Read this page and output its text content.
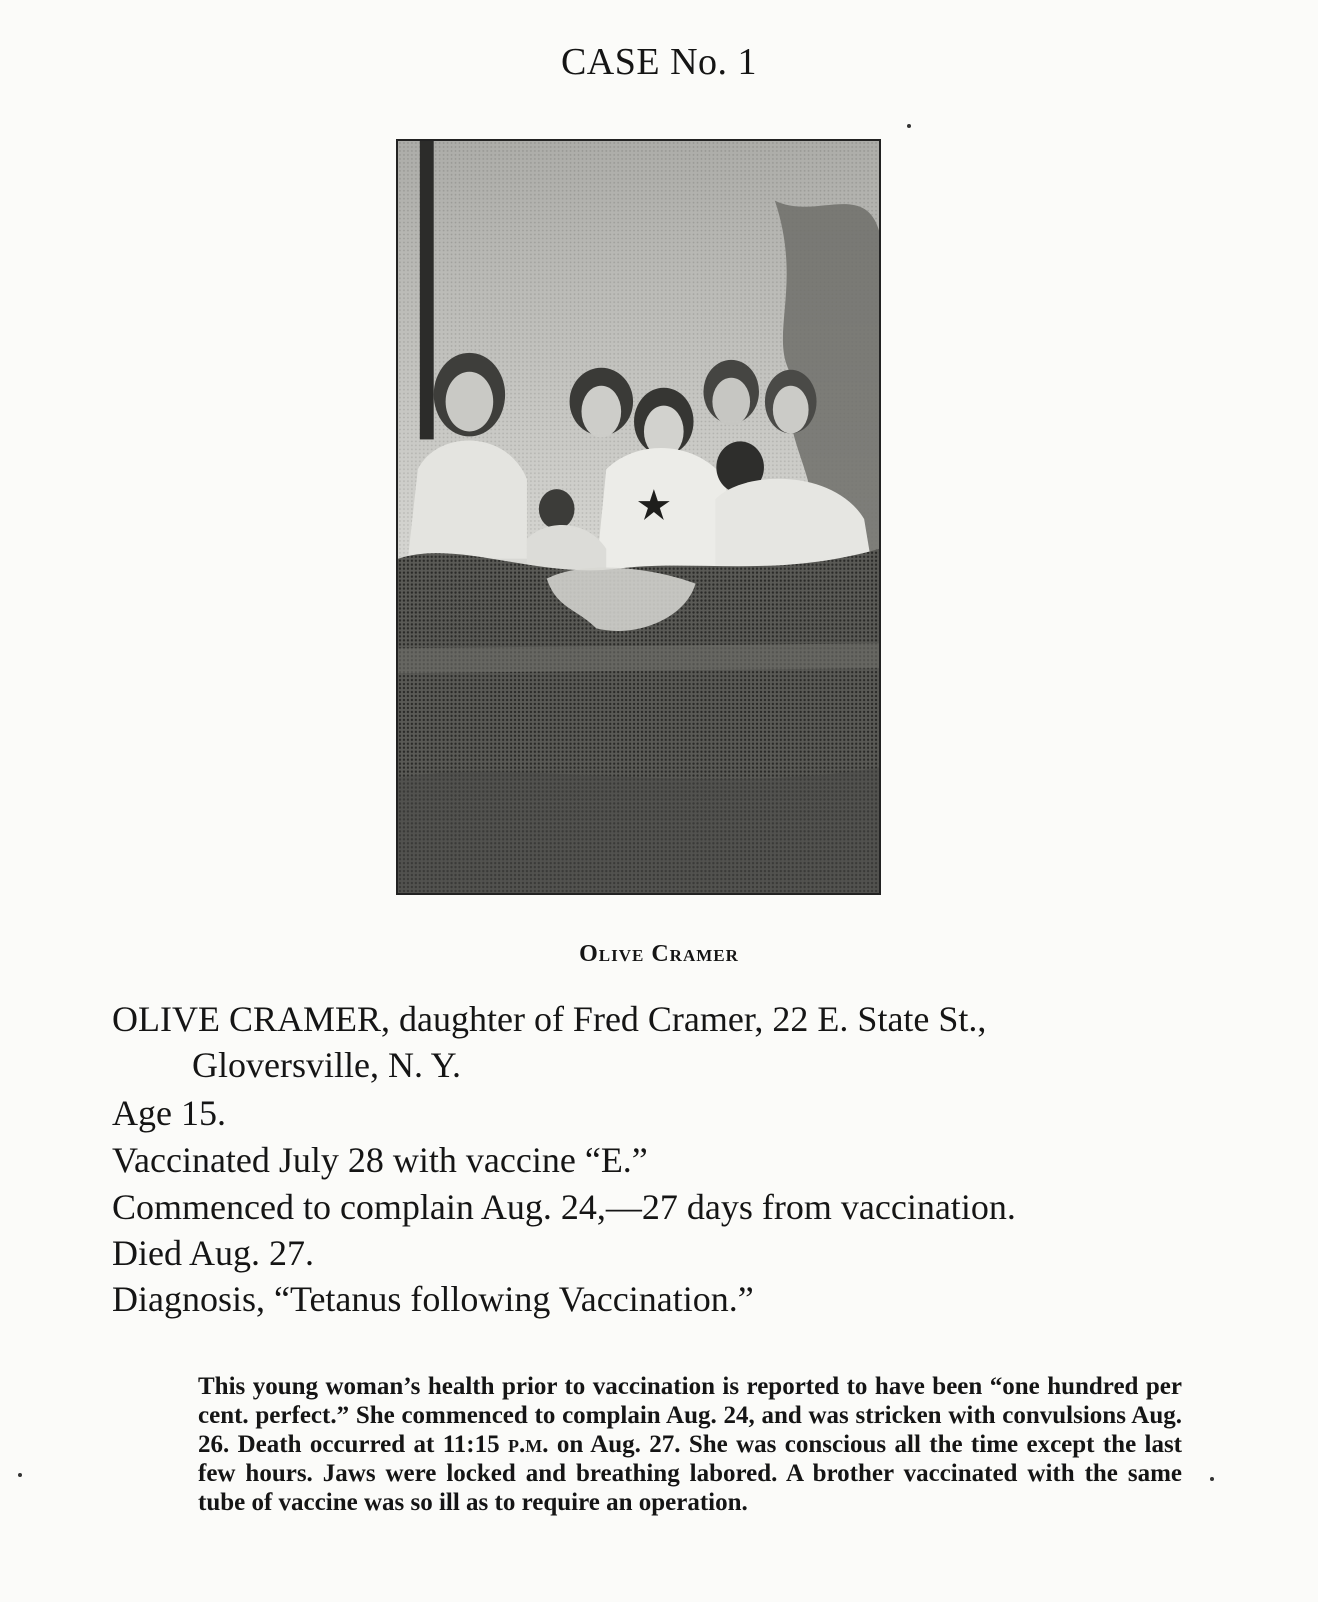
CASE No. 1
Olive Cramer
OLIVE CRAMER, daughter of Fred Cramer, 22 E. State St.,
Gloversville, N. Y.
Age 15.
Vaccinated July 28 with vaccine “E.”
Commenced to complain Aug. 24,—27 days from vaccination.
Died Aug. 27.
Diagnosis, “Tetanus following Vaccination.”
This young woman’s health prior to vaccination is reported to have been “one hundred per cent. perfect.” She commenced to complain Aug. 24, and was stricken with convulsions Aug. 26. Death occurred at 11:15 p.m. on Aug. 27. She was conscious all the time except the last few hours. Jaws were locked and breathing labored. A brother vaccinated with the same tube of vaccine was so ill as to require an operation.
